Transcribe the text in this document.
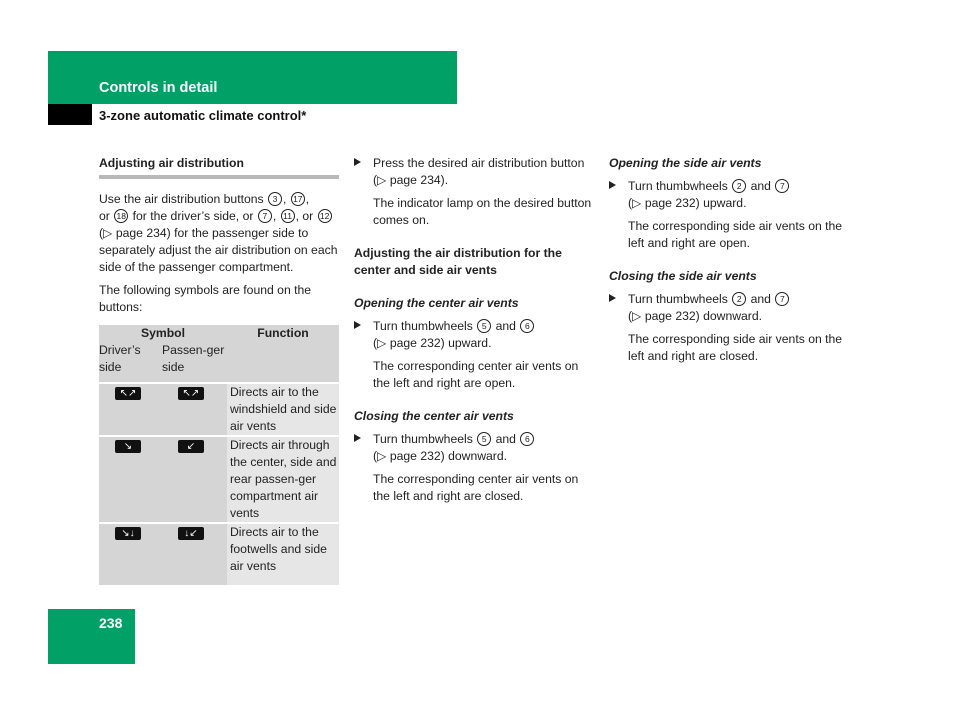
Controls in detail
3-zone automatic climate control*
Adjusting air distribution

Use the air distribution buttons 3 , 17 ,
or 18 for the driver’s side, or 7 , 11 , or 12
(▷ page 234) for the passenger side to separately adjust the air distribution on each side of the passenger compartment.

The following symbols are found on the buttons:

Symbol		Function
Driver’s side	Passen-ger side	

↖↗	↖↗	Directs air to the windshield and side air vents

↘	↙	Directs air through the center, side and rear passen-ger compartment air vents

↘↓	↓↙	Directs air to the footwells and side air vents

Press the desired air distribution button (▷ page 234).

The indicator lamp on the desired button comes on.

Adjusting the air distribution for the center and side air vents

Opening the center air vents

Turn thumbwheels 5 and 6
(▷ page 232) upward.

The corresponding center air vents on the left and right are open.

Closing the center air vents

Turn thumbwheels 5 and 6
(▷ page 232) downward.

The corresponding center air vents on the left and right are closed.

Opening the side air vents

Turn thumbwheels 2 and 7
(▷ page 232) upward.

The corresponding side air vents on the left and right are open.

Closing the side air vents

Turn thumbwheels 2 and 7
(▷ page 232) downward.

The corresponding side air vents on the left and right are closed.

238
